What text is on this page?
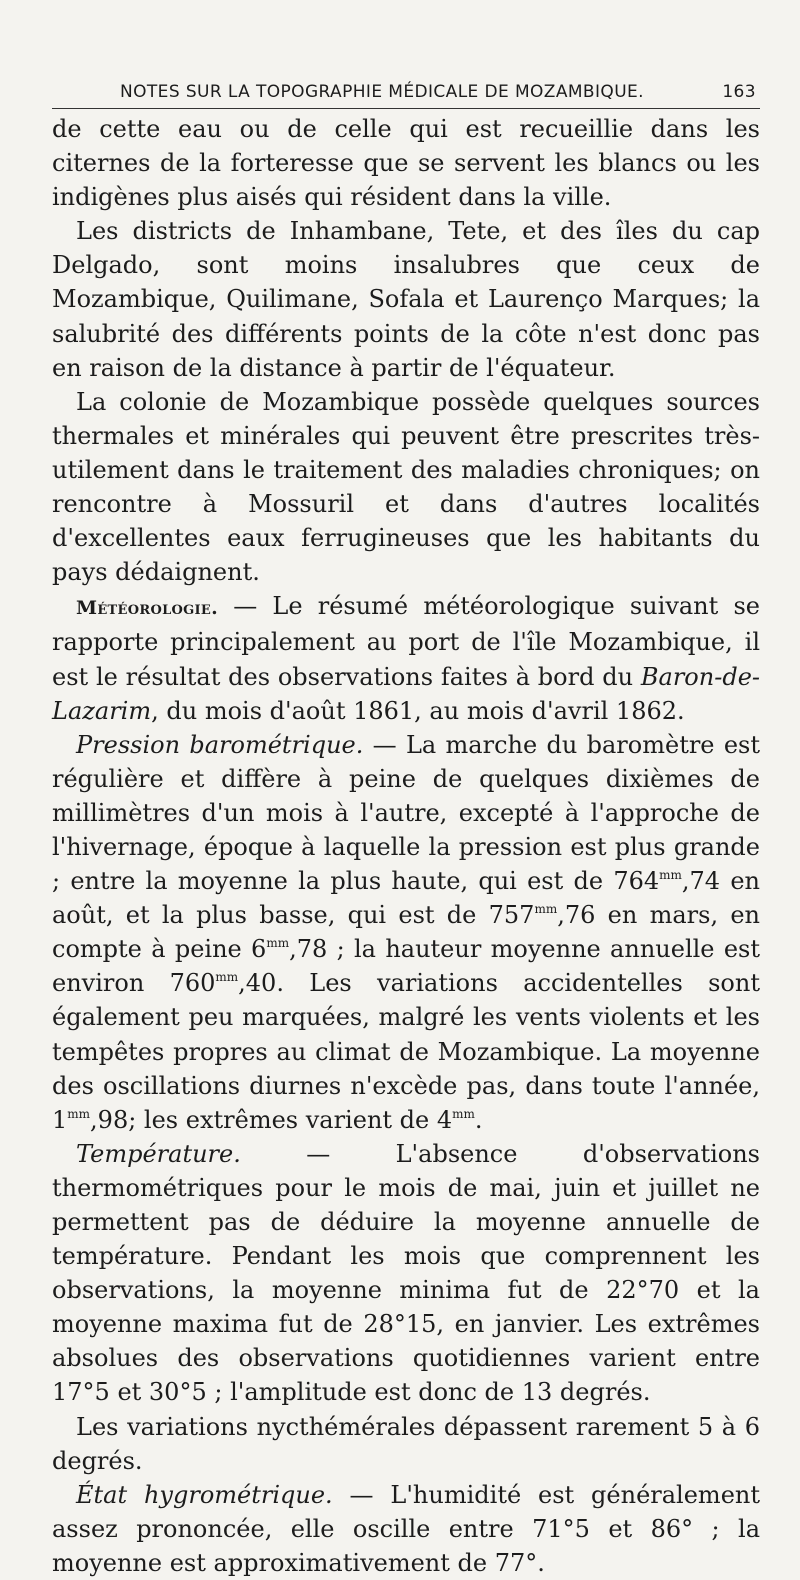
NOTES SUR LA TOPOGRAPHIE MÉDICALE DE MOZAMBIQUE.	163

de cette eau ou de celle qui est recueillie dans les citernes de la forteresse que se servent les blancs ou les indigènes plus aisés qui résident dans la ville.

Les districts de Inhambane, Tete, et des îles du cap Delgado, sont moins insalubres que ceux de Mozambique, Quilimane, Sofala et Laurenço Marques; la salubrité des différents points de la côte n'est donc pas en raison de la distance à partir de l'équateur.

La colonie de Mozambique possède quelques sources thermales et minérales qui peuvent être prescrites très-utilement dans le traitement des maladies chroniques; on rencontre à Mossuril et dans d'autres localités d'excellentes eaux ferrugineuses que les habitants du pays dédaignent.

Météorologie. — Le résumé météorologique suivant se rapporte principalement au port de l'île Mozambique, il est le résultat des observations faites à bord du Baron-de-Lazarim, du mois d'août 1861, au mois d'avril 1862.

Pression barométrique. — La marche du baromètre est régulière et diffère à peine de quelques dixièmes de millimètres d'un mois à l'autre, excepté à l'approche de l'hivernage, époque à laquelle la pression est plus grande ; entre la moyenne la plus haute, qui est de $764^{mm},74$ en août, et la plus basse, qui est de $757^{mm},76$ en mars, en compte à peine $6^{mm},78$ ; la hauteur moyenne annuelle est environ $760^{mm},40$. Les variations accidentelles sont également peu marquées, malgré les vents violents et les tempêtes propres au climat de Mozambique. La moyenne des oscillations diurnes n'excède pas, dans toute l'année, $1^{mm},98$; les extrêmes varient de $4^{mm}$.

Température. — L'absence d'observations thermométriques pour le mois de mai, juin et juillet ne permettent pas de déduire la moyenne annuelle de température. Pendant les mois que comprennent les observations, la moyenne minima fut de 22°70 et la moyenne maxima fut de 28°15, en janvier. Les extrêmes absolues des observations quotidiennes varient entre 17°5 et 30°5 ; l'amplitude est donc de 13 degrés.

Les variations nycthémérales dépassent rarement 5 à 6 degrés.

État hygrométrique. — L'humidité est généralement assez prononcée, elle oscille entre 71°5 et 86° ; la moyenne est approximativement de 77°.
